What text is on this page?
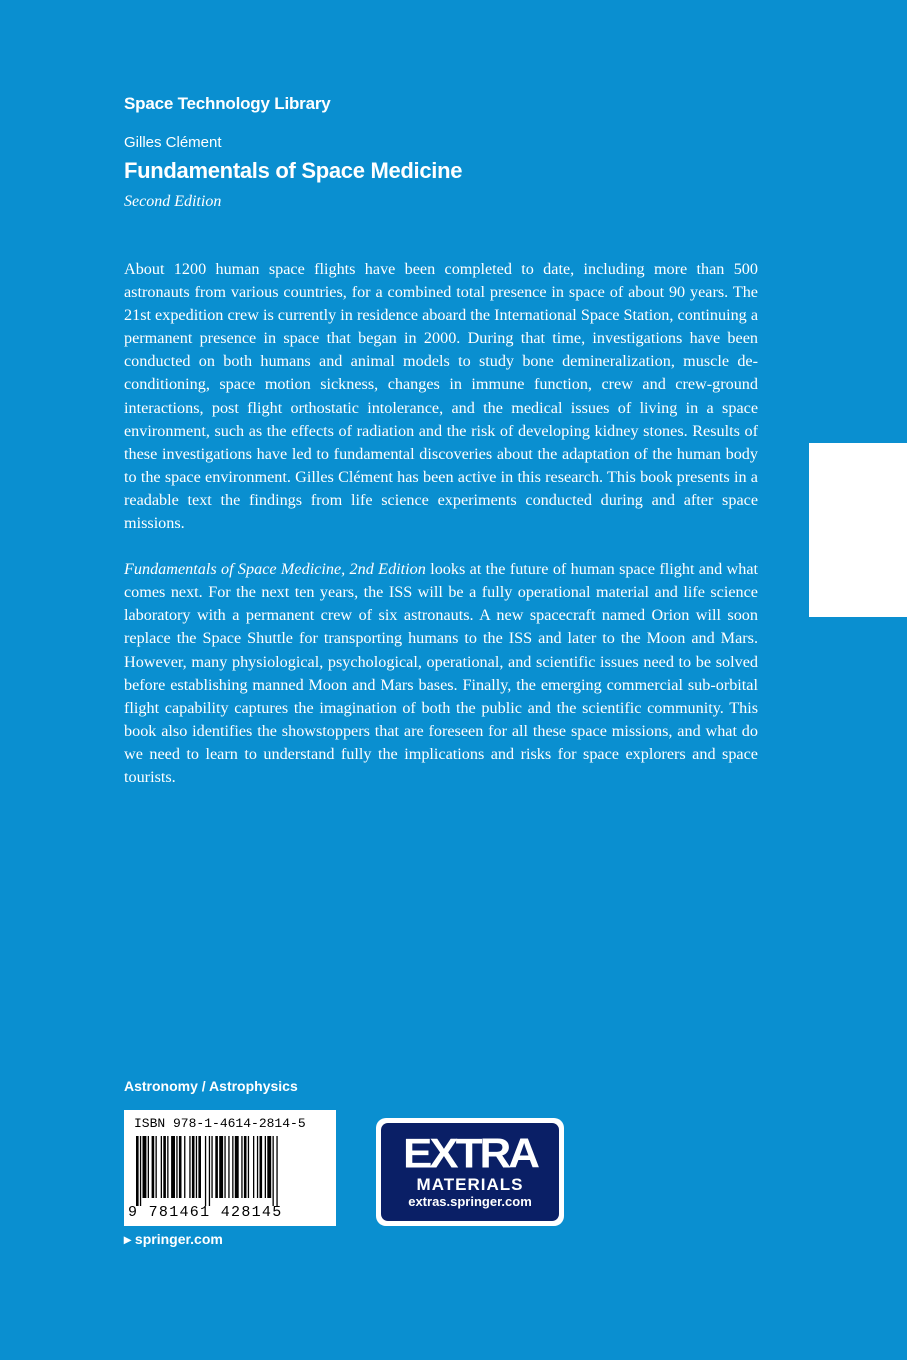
Space Technology Library
Gilles Clément
Fundamentals of Space Medicine
Second Edition

About 1200 human space flights have been completed to date, including more than 500 astronauts from various countries, for a combined total presence in space of about 90 years. The 21st expedition crew is currently in residence aboard the International Space Station, continuing a permanent presence in space that began in 2000. During that time, investigations have been conducted on both humans and animal models to study bone demineralization, muscle de-conditioning, space motion sickness, changes in immune function, crew and crew-ground interactions, post flight orthostatic intolerance, and the medical issues of living in a space environment, such as the effects of radiation and the risk of developing kidney stones. Results of these investigations have led to fundamental discoveries about the adaptation of the human body to the space environment. Gilles Clément has been active in this research. This book presents in a readable text the findings from life science experiments conducted during and after space missions.

Fundamentals of Space Medicine, 2nd Edition looks at the future of human space flight and what comes next. For the next ten years, the ISS will be a fully operational material and life science laboratory with a permanent crew of six astronauts. A new spacecraft named Orion will soon replace the Space Shuttle for transporting humans to the ISS and later to the Moon and Mars. However, many physiological, psychological, operational, and scientific issues need to be solved before establishing manned Moon and Mars bases. Finally, the emerging commercial sub-orbital flight capability captures the imagination of both the public and the scientific community. This book also identifies the showstoppers that are foreseen for all these space missions, and what do we need to learn to understand fully the implications and risks for space explorers and space tourists.

Astronomy / Astrophysics
ISBN 978-1-4614-2814-5
9 781461 428145
▸ springer.com
EXTRA
MATERIALS
extras.springer.com
